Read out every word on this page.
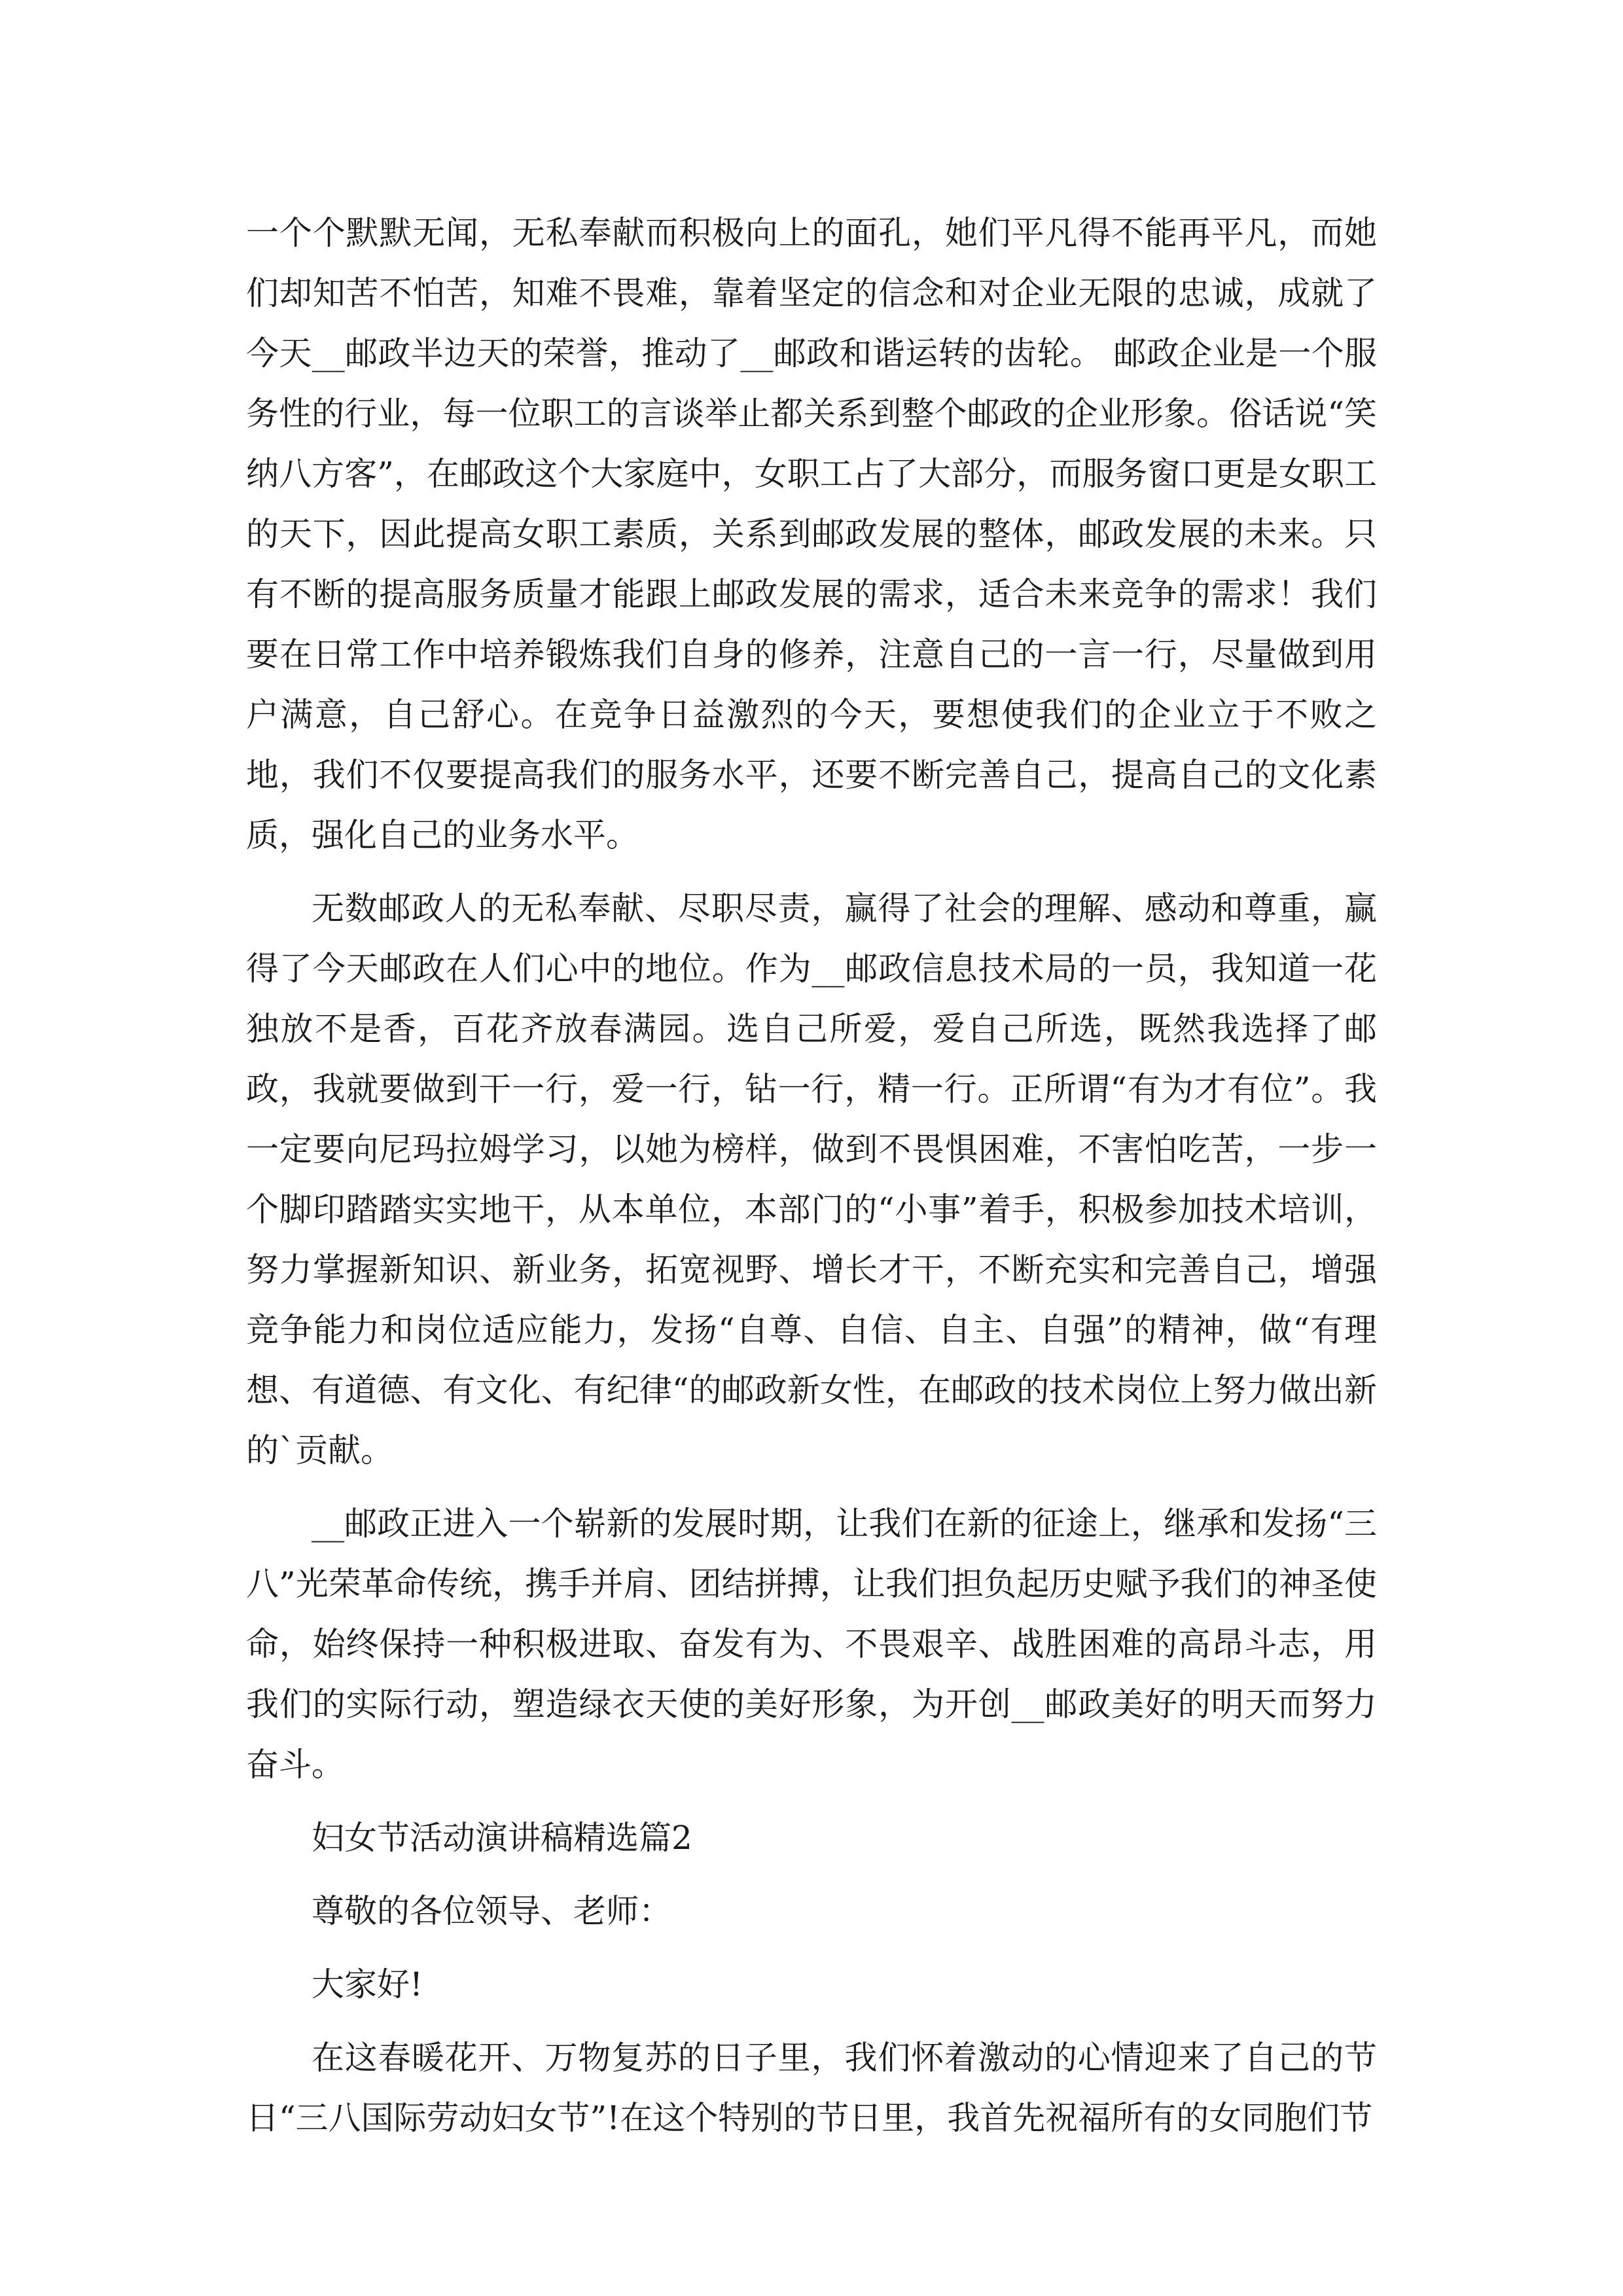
一个个默默无闻，无私奉献而积极向上的面孔，她们平凡得不能再平凡，而她们却知苦不怕苦，知难不畏难，靠着坚定的信念和对企业无限的忠诚，成就了今天__邮政半边天的荣誉，推动了__邮政和谐运转的齿轮。 邮政企业是一个服务性的行业，每一位职工的言谈举止都关系到整个邮政的企业形象。俗话说“笑纳八方客”，在邮政这个大家庭中，女职工占了大部分，而服务窗口更是女职工的天下，因此提高女职工素质，关系到邮政发展的整体，邮政发展的未来。只有不断的提高服务质量才能跟上邮政发展的需求，适合未来竞争的需求！我们要在日常工作中培养锻炼我们自身的修养，注意自己的一言一行，尽量做到用户满意，自己舒心。在竞争日益激烈的今天，要想使我们的企业立于不败之地，我们不仅要提高我们的服务水平，还要不断完善自己，提高自己的文化素质，强化自己的业务水平。

无数邮政人的无私奉献、尽职尽责，赢得了社会的理解、感动和尊重，赢得了今天邮政在人们心中的地位。作为__邮政信息技术局的一员，我知道一花独放不是香，百花齐放春满园。选自己所爱，爱自己所选，既然我选择了邮政，我就要做到干一行，爱一行，钻一行，精一行。正所谓“有为才有位”。我一定要向尼玛拉姆学习，以她为榜样，做到不畏惧困难，不害怕吃苦，一步一个脚印踏踏实实地干，从本单位，本部门的“小事”着手，积极参加技术培训，努力掌握新知识、新业务，拓宽视野、增长才干，不断充实和完善自己，增强竞争能力和岗位适应能力，发扬“自尊、自信、自主、自强”的精神，做“有理想、有道德、有文化、有纪律“的邮政新女性，在邮政的技术岗位上努力做出新的`贡献。

__邮政正进入一个崭新的发展时期，让我们在新的征途上，继承和发扬“三八”光荣革命传统，携手并肩、团结拼搏，让我们担负起历史赋予我们的神圣使命，始终保持一种积极进取、奋发有为、不畏艰辛、战胜困难的高昂斗志，用我们的实际行动，塑造绿衣天使的美好形象，为开创__邮政美好的明天而努力奋斗。

妇女节活动演讲稿精选篇2

尊敬的各位领导、老师：

大家好!

在这春暖花开、万物复苏的日子里，我们怀着激动的心情迎来了自己的节日“三八国际劳动妇女节”!在这个特别的节日里，我首先祝福所有的女同胞们节
